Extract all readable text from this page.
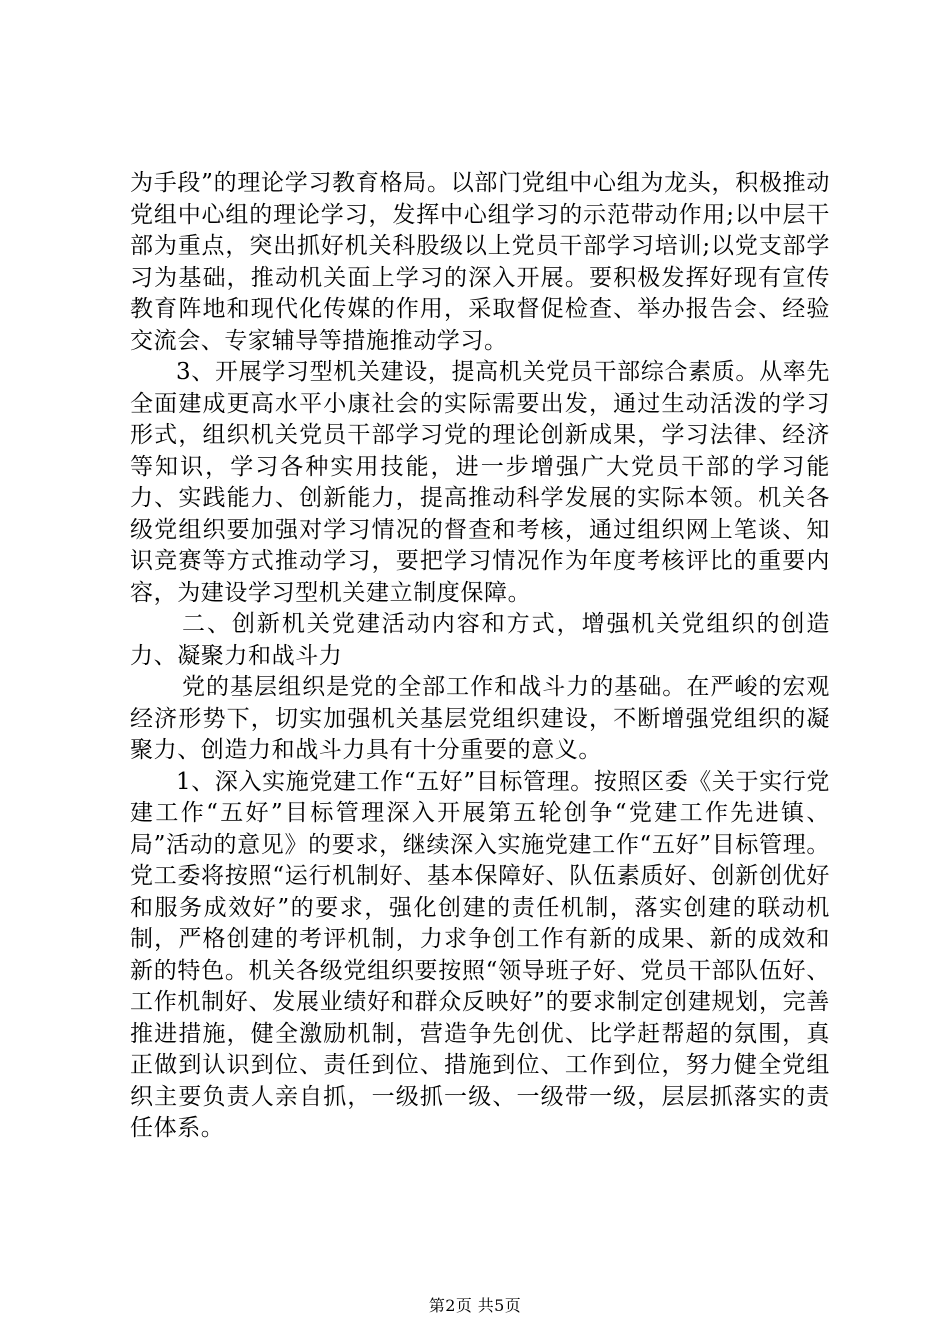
为手段”的理论学习教育格局。以部门党组中心组为龙头，积极推动党组中心组的理论学习，发挥中心组学习的示范带动作用;以中层干部为重点，突出抓好机关科股级以上党员干部学习培训;以党支部学习为基础，推动机关面上学习的深入开展。要积极发挥好现有宣传教育阵地和现代化传媒的作用，采取督促检查、举办报告会、经验交流会、专家辅导等措施推动学习。

3、开展学习型机关建设，提高机关党员干部综合素质。从率先全面建成更高水平小康社会的实际需要出发，通过生动活泼的学习形式，组织机关党员干部学习党的理论创新成果，学习法律、经济等知识，学习各种实用技能，进一步增强广大党员干部的学习能力、实践能力、创新能力，提高推动科学发展的实际本领。机关各级党组织要加强对学习情况的督查和考核，通过组织网上笔谈、知识竞赛等方式推动学习，要把学习情况作为年度考核评比的重要内容，为建设学习型机关建立制度保障。

二、创新机关党建活动内容和方式，增强机关党组织的创造力、凝聚力和战斗力

党的基层组织是党的全部工作和战斗力的基础。在严峻的宏观经济形势下，切实加强机关基层党组织建设，不断增强党组织的凝聚力、创造力和战斗力具有十分重要的意义。

1、深入实施党建工作“五好”目标管理。按照区委《关于实行党建工作“五好”目标管理深入开展第五轮创争“党建工作先进镇、局”活动的意见》的要求，继续深入实施党建工作“五好”目标管理。党工委将按照“运行机制好、基本保障好、队伍素质好、创新创优好和服务成效好”的要求，强化创建的责任机制，落实创建的联动机制，严格创建的考评机制，力求争创工作有新的成果、新的成效和新的特色。机关各级党组织要按照“领导班子好、党员干部队伍好、工作机制好、发展业绩好和群众反映好”的要求制定创建规划，完善推进措施，健全激励机制，营造争先创优、比学赶帮超的氛围，真正做到认识到位、责任到位、措施到位、工作到位，努力健全党组织主要负责人亲自抓，一级抓一级、一级带一级，层层抓落实的责任体系。

第2页 共5页
